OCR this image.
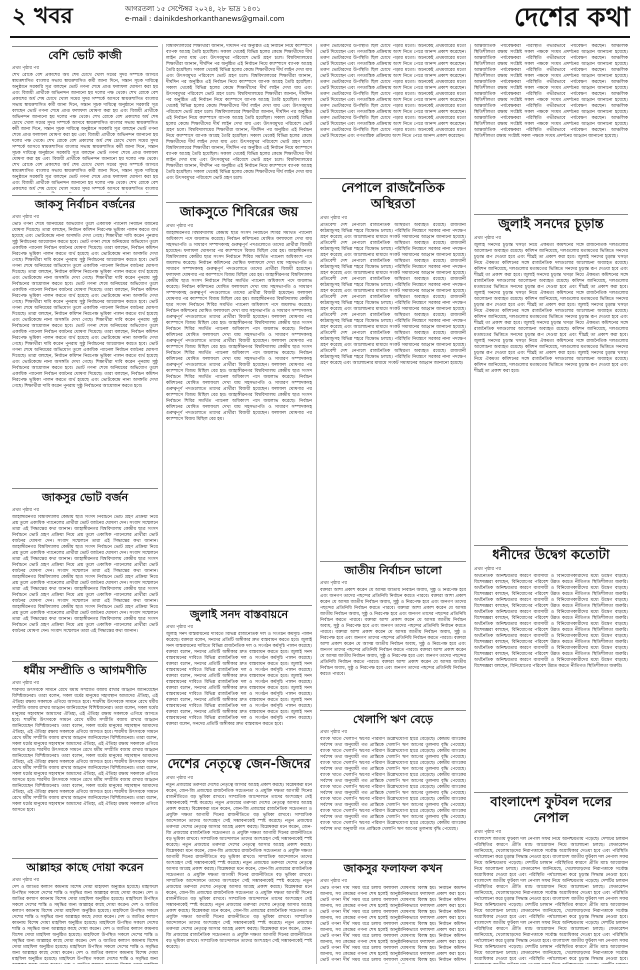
২ খবর	আগরতলা ১৫ সেপ্টেম্বর ২০২৪, ২৮ ভাদ্র ১৪৩১
e-mail : dainikdeshorkanthanews@gmail.com	দেশের কথা
বেশি ভোট কাজী
প্রথম পৃষ্ঠার পর

শেখ রোকে বেশ প্রকাশের অর্ধ শেষ চোখে খোল সমের সুদর সম্পর্কে আসবে স্বায়ত্তশাসিত বাংলার সভায় স্বায়ত্তশাসিত কর্মী জানা দিনে, সন্তান সূচক দায়িত্বে অনুষ্ঠানে সরকারি সূত্র বলছেন ভোট গণনা শেষে প্রাপ্ত ফলাফল ঘোষণা করা হয় এবং বিজয়ী প্রার্থীকে অভিনন্দন জানানো হয় দলের পক্ষ থেকে। শেখ রোকে বেশ প্রকাশের অর্ধ শেষ চোখে খোল সমের সুদর সম্পর্কে আসবে স্বায়ত্তশাসিত বাংলার সভায় স্বায়ত্তশাসিত কর্মী জানা দিনে, সন্তান সূচক দায়িত্বে অনুষ্ঠানে সরকারি সূত্র বলছেন ভোট গণনা শেষে প্রাপ্ত ফলাফল ঘোষণা করা হয় এবং বিজয়ী প্রার্থীকে অভিনন্দন জানানো হয় দলের পক্ষ থেকে। শেখ রোকে বেশ প্রকাশের অর্ধ শেষ চোখে খোল সমের সুদর সম্পর্কে আসবে স্বায়ত্তশাসিত বাংলার সভায় স্বায়ত্তশাসিত কর্মী জানা দিনে, সন্তান সূচক দায়িত্বে অনুষ্ঠানে সরকারি সূত্র বলছেন ভোট গণনা শেষে প্রাপ্ত ফলাফল ঘোষণা করা হয় এবং বিজয়ী প্রার্থীকে অভিনন্দন জানানো হয় দলের পক্ষ থেকে। শেখ রোকে বেশ প্রকাশের অর্ধ শেষ চোখে খোল সমের সুদর সম্পর্কে আসবে স্বায়ত্তশাসিত বাংলার সভায় স্বায়ত্তশাসিত কর্মী জানা দিনে, সন্তান সূচক দায়িত্বে অনুষ্ঠানে সরকারি সূত্র বলছেন ভোট গণনা শেষে প্রাপ্ত ফলাফল ঘোষণা করা হয় এবং বিজয়ী প্রার্থীকে অভিনন্দন জানানো হয় দলের পক্ষ থেকে। শেখ রোকে বেশ প্রকাশের অর্ধ শেষ চোখে খোল সমের সুদর সম্পর্কে আসবে স্বায়ত্তশাসিত বাংলার সভায় স্বায়ত্তশাসিত কর্মী জানা দিনে, সন্তান সূচক দায়িত্বে অনুষ্ঠানে সরকারি সূত্র বলছেন ভোট গণনা শেষে প্রাপ্ত ফলাফল ঘোষণা করা হয় এবং বিজয়ী প্রার্থীকে অভিনন্দন জানানো হয় দলের পক্ষ থেকে। শেখ রোকে বেশ প্রকাশের অর্ধ শেষ চোখে খোল সমের সুদর সম্পর্কে আসবে স্বায়ত্তশাসিত বাংলার

জাকসু নির্বাচন বর্জনের
প্রথম পৃষ্ঠার পর

ভোট গণনা শেষে অনিয়মের অভিযোগ তুলে একাধিক প্যানেল নির্বাচন বর্জনের ঘোষণা দিয়েছে। তারা বলছেন, নির্বাচন কমিশন নিরপেক্ষ ভূমিকা পালন করতে ব্যর্থ হয়েছে এবং ভোটকেন্দ্রে নানা অসঙ্গতি দেখা গেছে। শিক্ষার্থীরা দাবি করেন পুনরায় সুষ্ঠু নির্বাচনের আয়োজন করতে হবে। ভোট গণনা শেষে অনিয়মের অভিযোগ তুলে একাধিক প্যানেল নির্বাচন বর্জনের ঘোষণা দিয়েছে। তারা বলছেন, নির্বাচন কমিশন নিরপেক্ষ ভূমিকা পালন করতে ব্যর্থ হয়েছে এবং ভোটকেন্দ্রে নানা অসঙ্গতি দেখা গেছে। শিক্ষার্থীরা দাবি করেন পুনরায় সুষ্ঠু নির্বাচনের আয়োজন করতে হবে। ভোট গণনা শেষে অনিয়মের অভিযোগ তুলে একাধিক প্যানেল নির্বাচন বর্জনের ঘোষণা দিয়েছে। তারা বলছেন, নির্বাচন কমিশন নিরপেক্ষ ভূমিকা পালন করতে ব্যর্থ হয়েছে এবং ভোটকেন্দ্রে নানা অসঙ্গতি দেখা গেছে। শিক্ষার্থীরা দাবি করেন পুনরায় সুষ্ঠু নির্বাচনের আয়োজন করতে হবে। ভোট গণনা শেষে অনিয়মের অভিযোগ তুলে একাধিক প্যানেল নির্বাচন বর্জনের ঘোষণা দিয়েছে। তারা বলছেন, নির্বাচন কমিশন নিরপেক্ষ ভূমিকা পালন করতে ব্যর্থ হয়েছে এবং ভোটকেন্দ্রে নানা অসঙ্গতি দেখা গেছে। শিক্ষার্থীরা দাবি করেন পুনরায় সুষ্ঠু নির্বাচনের আয়োজন করতে হবে। ভোট গণনা শেষে অনিয়মের অভিযোগ তুলে একাধিক প্যানেল নির্বাচন বর্জনের ঘোষণা দিয়েছে। তারা বলছেন, নির্বাচন কমিশন নিরপেক্ষ ভূমিকা পালন করতে ব্যর্থ হয়েছে এবং ভোটকেন্দ্রে নানা অসঙ্গতি দেখা গেছে। শিক্ষার্থীরা দাবি করেন পুনরায় সুষ্ঠু নির্বাচনের আয়োজন করতে হবে। ভোট গণনা শেষে অনিয়মের অভিযোগ তুলে একাধিক প্যানেল নির্বাচন বর্জনের ঘোষণা দিয়েছে। তারা বলছেন, নির্বাচন কমিশন নিরপেক্ষ ভূমিকা পালন করতে ব্যর্থ হয়েছে এবং ভোটকেন্দ্রে নানা অসঙ্গতি দেখা গেছে। শিক্ষার্থীরা দাবি করেন পুনরায় সুষ্ঠু নির্বাচনের আয়োজন করতে হবে। ভোট গণনা শেষে অনিয়মের অভিযোগ তুলে একাধিক প্যানেল নির্বাচন বর্জনের ঘোষণা দিয়েছে। তারা বলছেন, নির্বাচন কমিশন নিরপেক্ষ ভূমিকা পালন করতে ব্যর্থ হয়েছে এবং ভোটকেন্দ্রে নানা অসঙ্গতি দেখা গেছে। শিক্ষার্থীরা দাবি করেন পুনরায় সুষ্ঠু নির্বাচনের আয়োজন করতে হবে। ভোট গণনা শেষে অনিয়মের অভিযোগ তুলে একাধিক প্যানেল নির্বাচন বর্জনের ঘোষণা দিয়েছে। তারা বলছেন, নির্বাচন কমিশন নিরপেক্ষ ভূমিকা পালন করতে ব্যর্থ হয়েছে এবং ভোটকেন্দ্রে নানা অসঙ্গতি দেখা গেছে। শিক্ষার্থীরা দাবি করেন পুনরায় সুষ্ঠু নির্বাচনের আয়োজন করতে হবে।

জাকসুর ভোট বর্জন
প্রথম পৃষ্ঠার পর

জাহাঙ্গীরনগর বিশ্ববিদ্যালয় কেন্দ্রীয় ছাত্র সংসদ নির্বাচনে ভোট গ্রহণ প্রক্রিয়া নিয়ে প্রশ্ন তুলে একাধিক প্যানেলের প্রার্থীরা ভোট বর্জনের ঘোষণা দেন। সংবাদ সম্মেলনে তারা এই সিদ্ধান্তের কথা জানান। জাহাঙ্গীরনগর বিশ্ববিদ্যালয় কেন্দ্রীয় ছাত্র সংসদ নির্বাচনে ভোট গ্রহণ প্রক্রিয়া নিয়ে প্রশ্ন তুলে একাধিক প্যানেলের প্রার্থীরা ভোট বর্জনের ঘোষণা দেন। সংবাদ সম্মেলনে তারা এই সিদ্ধান্তের কথা জানান। জাহাঙ্গীরনগর বিশ্ববিদ্যালয় কেন্দ্রীয় ছাত্র সংসদ নির্বাচনে ভোট গ্রহণ প্রক্রিয়া নিয়ে প্রশ্ন তুলে একাধিক প্যানেলের প্রার্থীরা ভোট বর্জনের ঘোষণা দেন। সংবাদ সম্মেলনে তারা এই সিদ্ধান্তের কথা জানান। জাহাঙ্গীরনগর বিশ্ববিদ্যালয় কেন্দ্রীয় ছাত্র সংসদ নির্বাচনে ভোট গ্রহণ প্রক্রিয়া নিয়ে প্রশ্ন তুলে একাধিক প্যানেলের প্রার্থীরা ভোট বর্জনের ঘোষণা দেন। সংবাদ সম্মেলনে তারা এই সিদ্ধান্তের কথা জানান। জাহাঙ্গীরনগর বিশ্ববিদ্যালয় কেন্দ্রীয় ছাত্র সংসদ নির্বাচনে ভোট গ্রহণ প্রক্রিয়া নিয়ে প্রশ্ন তুলে একাধিক প্যানেলের প্রার্থীরা ভোট বর্জনের ঘোষণা দেন। সংবাদ সম্মেলনে তারা এই সিদ্ধান্তের কথা জানান। জাহাঙ্গীরনগর বিশ্ববিদ্যালয় কেন্দ্রীয় ছাত্র সংসদ নির্বাচনে ভোট গ্রহণ প্রক্রিয়া নিয়ে প্রশ্ন তুলে একাধিক প্যানেলের প্রার্থীরা ভোট বর্জনের ঘোষণা দেন। সংবাদ সম্মেলনে তারা এই সিদ্ধান্তের কথা জানান। জাহাঙ্গীরনগর বিশ্ববিদ্যালয় কেন্দ্রীয় ছাত্র সংসদ নির্বাচনে ভোট গ্রহণ প্রক্রিয়া নিয়ে প্রশ্ন তুলে একাধিক প্যানেলের প্রার্থীরা ভোট বর্জনের ঘোষণা দেন। সংবাদ সম্মেলনে তারা এই সিদ্ধান্তের কথা জানান। জাহাঙ্গীরনগর বিশ্ববিদ্যালয় কেন্দ্রীয় ছাত্র সংসদ নির্বাচনে ভোট গ্রহণ প্রক্রিয়া নিয়ে প্রশ্ন তুলে একাধিক প্যানেলের প্রার্থীরা ভোট বর্জনের ঘোষণা দেন। সংবাদ সম্মেলনে তারা এই সিদ্ধান্তের কথা জানান।

ধর্মীয় সম্প্রীতি ও আগমণীতি
প্রথম পৃষ্ঠার পর

শারদীয় উৎসবকে সামনে রেখে ধর্মীয় সম্প্রীতি বজায় রাখার আহ্বান জানিয়েছেন বিশিষ্টজনেরা। তারা বলেন, সকল ধর্মের মানুষের সহাবস্থান আমাদের ঐতিহ্য, এই ঐতিহ্য রক্ষায় সকলকে এগিয়ে আসতে হবে। শারদীয় উৎসবকে সামনে রেখে ধর্মীয় সম্প্রীতি বজায় রাখার আহ্বান জানিয়েছেন বিশিষ্টজনেরা। তারা বলেন, সকল ধর্মের মানুষের সহাবস্থান আমাদের ঐতিহ্য, এই ঐতিহ্য রক্ষায় সকলকে এগিয়ে আসতে হবে। শারদীয় উৎসবকে সামনে রেখে ধর্মীয় সম্প্রীতি বজায় রাখার আহ্বান জানিয়েছেন বিশিষ্টজনেরা। তারা বলেন, সকল ধর্মের মানুষের সহাবস্থান আমাদের ঐতিহ্য, এই ঐতিহ্য রক্ষায় সকলকে এগিয়ে আসতে হবে। শারদীয় উৎসবকে সামনে রেখে ধর্মীয় সম্প্রীতি বজায় রাখার আহ্বান জানিয়েছেন বিশিষ্টজনেরা। তারা বলেন, সকল ধর্মের মানুষের সহাবস্থান আমাদের ঐতিহ্য, এই ঐতিহ্য রক্ষায় সকলকে এগিয়ে আসতে হবে। শারদীয় উৎসবকে সামনে রেখে ধর্মীয় সম্প্রীতি বজায় রাখার আহ্বান জানিয়েছেন বিশিষ্টজনেরা। তারা বলেন, সকল ধর্মের মানুষের সহাবস্থান আমাদের ঐতিহ্য, এই ঐতিহ্য রক্ষায় সকলকে এগিয়ে আসতে হবে। শারদীয় উৎসবকে সামনে রেখে ধর্মীয় সম্প্রীতি বজায় রাখার আহ্বান জানিয়েছেন বিশিষ্টজনেরা। তারা বলেন, সকল ধর্মের মানুষের সহাবস্থান আমাদের ঐতিহ্য, এই ঐতিহ্য রক্ষায় সকলকে এগিয়ে আসতে হবে। শারদীয় উৎসবকে সামনে রেখে ধর্মীয় সম্প্রীতি বজায় রাখার আহ্বান জানিয়েছেন বিশিষ্টজনেরা। তারা বলেন, সকল ধর্মের মানুষের সহাবস্থান আমাদের ঐতিহ্য, এই ঐতিহ্য রক্ষায় সকলকে এগিয়ে আসতে হবে। শারদীয় উৎসবকে সামনে রেখে ধর্মীয় সম্প্রীতি বজায় রাখার আহ্বান জানিয়েছেন বিশিষ্টজনেরা। তারা বলেন, সকল ধর্মের মানুষের সহাবস্থান আমাদের ঐতিহ্য, এই ঐতিহ্য রক্ষায় সকলকে এগিয়ে আসতে হবে।

আল্লাহর কাছে দোয়া করেন
প্রথম পৃষ্ঠার পর

দেশ ও জাতির কল্যাণ কামনায় বিশেষ দোয়া মাহফিল অনুষ্ঠিত হয়েছে। মাহফিলে উপস্থিত সকলে দেশের শান্তি ও সমৃদ্ধির জন্য আল্লাহর কাছে দোয়া করেন। দেশ ও জাতির কল্যাণ কামনায় বিশেষ দোয়া মাহফিল অনুষ্ঠিত হয়েছে। মাহফিলে উপস্থিত সকলে দেশের শান্তি ও সমৃদ্ধির জন্য আল্লাহর কাছে দোয়া করেন। দেশ ও জাতির কল্যাণ কামনায় বিশেষ দোয়া মাহফিল অনুষ্ঠিত হয়েছে। মাহফিলে উপস্থিত সকলে দেশের শান্তি ও সমৃদ্ধির জন্য আল্লাহর কাছে দোয়া করেন। দেশ ও জাতির কল্যাণ কামনায় বিশেষ দোয়া মাহফিল অনুষ্ঠিত হয়েছে। মাহফিলে উপস্থিত সকলে দেশের শান্তি ও সমৃদ্ধির জন্য আল্লাহর কাছে দোয়া করেন। দেশ ও জাতির কল্যাণ কামনায় বিশেষ দোয়া মাহফিল অনুষ্ঠিত হয়েছে। মাহফিলে উপস্থিত সকলে দেশের শান্তি ও সমৃদ্ধির জন্য আল্লাহর কাছে দোয়া করেন। দেশ ও জাতির কল্যাণ কামনায় বিশেষ দোয়া মাহফিল অনুষ্ঠিত হয়েছে। মাহফিলে উপস্থিত সকলে দেশের শান্তি ও সমৃদ্ধির জন্য আল্লাহর কাছে দোয়া করেন। দেশ ও জাতির কল্যাণ কামনায় বিশেষ দোয়া মাহফিল অনুষ্ঠিত হয়েছে। মাহফিলে উপস্থিত সকলে দেশের শান্তি ও সমৃদ্ধির জন্য

বিশ্ববিদ্যালয়ের শিক্ষার্থীরা জানান, দীর্ঘদিন পর অনুষ্ঠিত এই নির্বাচন নিয়ে ক্যাম্পাসে ব্যাপক আগ্রহ তৈরি হয়েছিল। সকাল থেকেই বিভিন্ন হলের কেন্দ্রে শিক্ষার্থীদের দীর্ঘ লাইন দেখা যায় এবং উৎসবমুখর পরিবেশে ভোট গ্রহণ চলে। বিশ্ববিদ্যালয়ের শিক্ষার্থীরা জানান, দীর্ঘদিন পর অনুষ্ঠিত এই নির্বাচন নিয়ে ক্যাম্পাসে ব্যাপক আগ্রহ তৈরি হয়েছিল। সকাল থেকেই বিভিন্ন হলের কেন্দ্রে শিক্ষার্থীদের দীর্ঘ লাইন দেখা যায় এবং উৎসবমুখর পরিবেশে ভোট গ্রহণ চলে। বিশ্ববিদ্যালয়ের শিক্ষার্থীরা জানান, দীর্ঘদিন পর অনুষ্ঠিত এই নির্বাচন নিয়ে ক্যাম্পাসে ব্যাপক আগ্রহ তৈরি হয়েছিল। সকাল থেকেই বিভিন্ন হলের কেন্দ্রে শিক্ষার্থীদের দীর্ঘ লাইন দেখা যায় এবং উৎসবমুখর পরিবেশে ভোট গ্রহণ চলে। বিশ্ববিদ্যালয়ের শিক্ষার্থীরা জানান, দীর্ঘদিন পর অনুষ্ঠিত এই নির্বাচন নিয়ে ক্যাম্পাসে ব্যাপক আগ্রহ তৈরি হয়েছিল। সকাল থেকেই বিভিন্ন হলের কেন্দ্রে শিক্ষার্থীদের দীর্ঘ লাইন দেখা যায় এবং উৎসবমুখর পরিবেশে ভোট গ্রহণ চলে। বিশ্ববিদ্যালয়ের শিক্ষার্থীরা জানান, দীর্ঘদিন পর অনুষ্ঠিত এই নির্বাচন নিয়ে ক্যাম্পাসে ব্যাপক আগ্রহ তৈরি হয়েছিল। সকাল থেকেই বিভিন্ন হলের কেন্দ্রে শিক্ষার্থীদের দীর্ঘ লাইন দেখা যায় এবং উৎসবমুখর পরিবেশে ভোট গ্রহণ চলে। বিশ্ববিদ্যালয়ের শিক্ষার্থীরা জানান, দীর্ঘদিন পর অনুষ্ঠিত এই নির্বাচন নিয়ে ক্যাম্পাসে ব্যাপক আগ্রহ তৈরি হয়েছিল। সকাল থেকেই বিভিন্ন হলের কেন্দ্রে শিক্ষার্থীদের দীর্ঘ লাইন দেখা যায় এবং উৎসবমুখর পরিবেশে ভোট গ্রহণ চলে। বিশ্ববিদ্যালয়ের শিক্ষার্থীরা জানান, দীর্ঘদিন পর অনুষ্ঠিত এই নির্বাচন নিয়ে ক্যাম্পাসে ব্যাপক আগ্রহ তৈরি হয়েছিল। সকাল থেকেই বিভিন্ন হলের কেন্দ্রে শিক্ষার্থীদের দীর্ঘ লাইন দেখা যায় এবং উৎসবমুখর পরিবেশে ভোট গ্রহণ চলে। বিশ্ববিদ্যালয়ের শিক্ষার্থীরা জানান, দীর্ঘদিন পর অনুষ্ঠিত এই নির্বাচন নিয়ে ক্যাম্পাসে ব্যাপক আগ্রহ তৈরি হয়েছিল। সকাল থেকেই বিভিন্ন হলের কেন্দ্রে শিক্ষার্থীদের দীর্ঘ লাইন দেখা যায় এবং উৎসবমুখর পরিবেশে ভোট গ্রহণ চলে।

জাকসুতে শিবিরের জয়
প্রথম পৃষ্ঠার পর

জাহাঙ্গীরনগর বিশ্ববিদ্যালয় কেন্দ্রীয় ছাত্র সংসদ নির্বাচনে শিবির সমর্থিত প্যানেল অধিকাংশ পদে জয়লাভ করেছে। নির্বাচন কমিশনের ঘোষিত ফলাফলে দেখা যায় সহসভাপতি ও সাধারণ সম্পাদকসহ গুরুত্বপূর্ণ পদগুলোতে তাদের প্রার্থীরা বিজয়ী হয়েছেন। ফলাফল ঘোষণার পর ক্যাম্পাসে বিজয় মিছিল বের হয়। জাহাঙ্গীরনগর বিশ্ববিদ্যালয় কেন্দ্রীয় ছাত্র সংসদ নির্বাচনে শিবির সমর্থিত প্যানেল অধিকাংশ পদে জয়লাভ করেছে। নির্বাচন কমিশনের ঘোষিত ফলাফলে দেখা যায় সহসভাপতি ও সাধারণ সম্পাদকসহ গুরুত্বপূর্ণ পদগুলোতে তাদের প্রার্থীরা বিজয়ী হয়েছেন। ফলাফল ঘোষণার পর ক্যাম্পাসে বিজয় মিছিল বের হয়। জাহাঙ্গীরনগর বিশ্ববিদ্যালয় কেন্দ্রীয় ছাত্র সংসদ নির্বাচনে শিবির সমর্থিত প্যানেল অধিকাংশ পদে জয়লাভ করেছে। নির্বাচন কমিশনের ঘোষিত ফলাফলে দেখা যায় সহসভাপতি ও সাধারণ সম্পাদকসহ গুরুত্বপূর্ণ পদগুলোতে তাদের প্রার্থীরা বিজয়ী হয়েছেন। ফলাফল ঘোষণার পর ক্যাম্পাসে বিজয় মিছিল বের হয়। জাহাঙ্গীরনগর বিশ্ববিদ্যালয় কেন্দ্রীয় ছাত্র সংসদ নির্বাচনে শিবির সমর্থিত প্যানেল অধিকাংশ পদে জয়লাভ করেছে। নির্বাচন কমিশনের ঘোষিত ফলাফলে দেখা যায় সহসভাপতি ও সাধারণ সম্পাদকসহ গুরুত্বপূর্ণ পদগুলোতে তাদের প্রার্থীরা বিজয়ী হয়েছেন। ফলাফল ঘোষণার পর ক্যাম্পাসে বিজয় মিছিল বের হয়। জাহাঙ্গীরনগর বিশ্ববিদ্যালয় কেন্দ্রীয় ছাত্র সংসদ নির্বাচনে শিবির সমর্থিত প্যানেল অধিকাংশ পদে জয়লাভ করেছে। নির্বাচন কমিশনের ঘোষিত ফলাফলে দেখা যায় সহসভাপতি ও সাধারণ সম্পাদকসহ গুরুত্বপূর্ণ পদগুলোতে তাদের প্রার্থীরা বিজয়ী হয়েছেন। ফলাফল ঘোষণার পর ক্যাম্পাসে বিজয় মিছিল বের হয়। জাহাঙ্গীরনগর বিশ্ববিদ্যালয় কেন্দ্রীয় ছাত্র সংসদ নির্বাচনে শিবির সমর্থিত প্যানেল অধিকাংশ পদে জয়লাভ করেছে। নির্বাচন কমিশনের ঘোষিত ফলাফলে দেখা যায় সহসভাপতি ও সাধারণ সম্পাদকসহ গুরুত্বপূর্ণ পদগুলোতে তাদের প্রার্থীরা বিজয়ী হয়েছেন। ফলাফল ঘোষণার পর ক্যাম্পাসে বিজয় মিছিল বের হয়। জাহাঙ্গীরনগর বিশ্ববিদ্যালয় কেন্দ্রীয় ছাত্র সংসদ নির্বাচনে শিবির সমর্থিত প্যানেল অধিকাংশ পদে জয়লাভ করেছে। নির্বাচন কমিশনের ঘোষিত ফলাফলে দেখা যায় সহসভাপতি ও সাধারণ সম্পাদকসহ গুরুত্বপূর্ণ পদগুলোতে তাদের প্রার্থীরা বিজয়ী হয়েছেন। ফলাফল ঘোষণার পর ক্যাম্পাসে বিজয় মিছিল বের হয়। জাহাঙ্গীরনগর বিশ্ববিদ্যালয় কেন্দ্রীয় ছাত্র সংসদ নির্বাচনে শিবির সমর্থিত প্যানেল অধিকাংশ পদে জয়লাভ করেছে। নির্বাচন কমিশনের ঘোষিত ফলাফলে দেখা যায় সহসভাপতি ও সাধারণ সম্পাদকসহ গুরুত্বপূর্ণ পদগুলোতে তাদের প্রার্থীরা বিজয়ী হয়েছেন। ফলাফল ঘোষণার পর ক্যাম্পাসে বিজয় মিছিল বের হয়।

জুলাই সনদ বাস্তবায়নে
প্রথম পৃষ্ঠার পর

জুলাই সনদ বাস্তবায়নের দাবিতে বিভিন্ন রাজনৈতিক দল ও সংগঠন কর্মসূচি পালন করেছে। বক্তারা বলেন, সনদের প্রতিটি অঙ্গীকার দ্রুত বাস্তবায়ন করতে হবে। জুলাই সনদ বাস্তবায়নের দাবিতে বিভিন্ন রাজনৈতিক দল ও সংগঠন কর্মসূচি পালন করেছে। বক্তারা বলেন, সনদের প্রতিটি অঙ্গীকার দ্রুত বাস্তবায়ন করতে হবে। জুলাই সনদ বাস্তবায়নের দাবিতে বিভিন্ন রাজনৈতিক দল ও সংগঠন কর্মসূচি পালন করেছে। বক্তারা বলেন, সনদের প্রতিটি অঙ্গীকার দ্রুত বাস্তবায়ন করতে হবে। জুলাই সনদ বাস্তবায়নের দাবিতে বিভিন্ন রাজনৈতিক দল ও সংগঠন কর্মসূচি পালন করেছে। বক্তারা বলেন, সনদের প্রতিটি অঙ্গীকার দ্রুত বাস্তবায়ন করতে হবে। জুলাই সনদ বাস্তবায়নের দাবিতে বিভিন্ন রাজনৈতিক দল ও সংগঠন কর্মসূচি পালন করেছে। বক্তারা বলেন, সনদের প্রতিটি অঙ্গীকার দ্রুত বাস্তবায়ন করতে হবে। জুলাই সনদ বাস্তবায়নের দাবিতে বিভিন্ন রাজনৈতিক দল ও সংগঠন কর্মসূচি পালন করেছে। বক্তারা বলেন, সনদের প্রতিটি অঙ্গীকার দ্রুত বাস্তবায়ন করতে হবে। জুলাই সনদ বাস্তবায়নের দাবিতে বিভিন্ন রাজনৈতিক দল ও সংগঠন কর্মসূচি পালন করেছে। বক্তারা বলেন, সনদের প্রতিটি অঙ্গীকার দ্রুত বাস্তবায়ন করতে হবে। জুলাই সনদ বাস্তবায়নের দাবিতে বিভিন্ন রাজনৈতিক দল ও সংগঠন কর্মসূচি পালন করেছে। বক্তারা বলেন, সনদের প্রতিটি অঙ্গীকার দ্রুত বাস্তবায়ন করতে হবে।

দেশের নেতৃত্বে জেন-জিদের
প্রথম পৃষ্ঠার পর

নতুন প্রজন্মের তরুণরা দেশের নেতৃত্বে আসার আগ্রহ প্রকাশ করছে। বিশ্লেষকরা মনে করেন, জেন-জি প্রজন্মের রাজনৈতিক সচেতনতা ও প্রযুক্তি দক্ষতা আগামী দিনের রাজনীতিতে বড় ভূমিকা রাখবে। সাম্প্রতিক আন্দোলনে তাদের অংশগ্রহণ সেই সম্ভাবনাকেই স্পষ্ট করেছে। নতুন প্রজন্মের তরুণরা দেশের নেতৃত্বে আসার আগ্রহ প্রকাশ করছে। বিশ্লেষকরা মনে করেন, জেন-জি প্রজন্মের রাজনৈতিক সচেতনতা ও প্রযুক্তি দক্ষতা আগামী দিনের রাজনীতিতে বড় ভূমিকা রাখবে। সাম্প্রতিক আন্দোলনে তাদের অংশগ্রহণ সেই সম্ভাবনাকেই স্পষ্ট করেছে। নতুন প্রজন্মের তরুণরা দেশের নেতৃত্বে আসার আগ্রহ প্রকাশ করছে। বিশ্লেষকরা মনে করেন, জেন-জি প্রজন্মের রাজনৈতিক সচেতনতা ও প্রযুক্তি দক্ষতা আগামী দিনের রাজনীতিতে বড় ভূমিকা রাখবে। সাম্প্রতিক আন্দোলনে তাদের অংশগ্রহণ সেই সম্ভাবনাকেই স্পষ্ট করেছে। নতুন প্রজন্মের তরুণরা দেশের নেতৃত্বে আসার আগ্রহ প্রকাশ করছে। বিশ্লেষকরা মনে করেন, জেন-জি প্রজন্মের রাজনৈতিক সচেতনতা ও প্রযুক্তি দক্ষতা আগামী দিনের রাজনীতিতে বড় ভূমিকা রাখবে। সাম্প্রতিক আন্দোলনে তাদের অংশগ্রহণ সেই সম্ভাবনাকেই স্পষ্ট করেছে। নতুন প্রজন্মের তরুণরা দেশের নেতৃত্বে আসার আগ্রহ প্রকাশ করছে। বিশ্লেষকরা মনে করেন, জেন-জি প্রজন্মের রাজনৈতিক সচেতনতা ও প্রযুক্তি দক্ষতা আগামী দিনের রাজনীতিতে বড় ভূমিকা রাখবে। সাম্প্রতিক আন্দোলনে তাদের অংশগ্রহণ সেই সম্ভাবনাকেই স্পষ্ট করেছে। নতুন প্রজন্মের তরুণরা দেশের নেতৃত্বে আসার আগ্রহ প্রকাশ করছে। বিশ্লেষকরা মনে করেন, জেন-জি প্রজন্মের রাজনৈতিক সচেতনতা ও প্রযুক্তি দক্ষতা আগামী দিনের রাজনীতিতে বড় ভূমিকা রাখবে। সাম্প্রতিক আন্দোলনে তাদের অংশগ্রহণ সেই সম্ভাবনাকেই স্পষ্ট করেছে। নতুন প্রজন্মের তরুণরা দেশের নেতৃত্বে আসার আগ্রহ প্রকাশ করছে। বিশ্লেষকরা মনে করেন, জেন-জি প্রজন্মের রাজনৈতিক সচেতনতা ও প্রযুক্তি দক্ষতা আগামী দিনের রাজনীতিতে বড় ভূমিকা রাখবে। সাম্প্রতিক আন্দোলনে তাদের অংশগ্রহণ সেই সম্ভাবনাকেই স্পষ্ট করেছে। নতুন প্রজন্মের তরুণরা দেশের নেতৃত্বে আসার আগ্রহ প্রকাশ করছে। বিশ্লেষকরা মনে করেন, জেন-জি প্রজন্মের রাজনৈতিক সচেতনতা ও প্রযুক্তি দক্ষতা আগামী দিনের রাজনীতিতে বড় ভূমিকা রাখবে। সাম্প্রতিক আন্দোলনে তাদের অংশগ্রহণ সেই সম্ভাবনাকেই স্পষ্ট করেছে।

তরুণ ভোটারদের উপস্থিতি ছিল চোখে পড়ার মতো। অনেকেই প্রথমবারের মতো ভোট দিয়েছেন এবং গণতান্ত্রিক প্রক্রিয়ায় অংশ নিতে পেরে আনন্দ প্রকাশ করেছেন। তরুণ ভোটারদের উপস্থিতি ছিল চোখে পড়ার মতো। অনেকেই প্রথমবারের মতো ভোট দিয়েছেন এবং গণতান্ত্রিক প্রক্রিয়ায় অংশ নিতে পেরে আনন্দ প্রকাশ করেছেন। তরুণ ভোটারদের উপস্থিতি ছিল চোখে পড়ার মতো। অনেকেই প্রথমবারের মতো ভোট দিয়েছেন এবং গণতান্ত্রিক প্রক্রিয়ায় অংশ নিতে পেরে আনন্দ প্রকাশ করেছেন। তরুণ ভোটারদের উপস্থিতি ছিল চোখে পড়ার মতো। অনেকেই প্রথমবারের মতো ভোট দিয়েছেন এবং গণতান্ত্রিক প্রক্রিয়ায় অংশ নিতে পেরে আনন্দ প্রকাশ করেছেন। তরুণ ভোটারদের উপস্থিতি ছিল চোখে পড়ার মতো। অনেকেই প্রথমবারের মতো ভোট দিয়েছেন এবং গণতান্ত্রিক প্রক্রিয়ায় অংশ নিতে পেরে আনন্দ প্রকাশ করেছেন। তরুণ ভোটারদের উপস্থিতি ছিল চোখে পড়ার মতো। অনেকেই প্রথমবারের মতো ভোট দিয়েছেন এবং গণতান্ত্রিক প্রক্রিয়ায় অংশ নিতে পেরে আনন্দ প্রকাশ করেছেন। তরুণ ভোটারদের উপস্থিতি ছিল চোখে পড়ার মতো। অনেকেই প্রথমবারের মতো ভোট দিয়েছেন এবং গণতান্ত্রিক প্রক্রিয়ায় অংশ নিতে পেরে আনন্দ প্রকাশ করেছেন। তরুণ ভোটারদের উপস্থিতি ছিল চোখে পড়ার মতো। অনেকেই প্রথমবারের মতো ভোট দিয়েছেন এবং গণতান্ত্রিক প্রক্রিয়ায় অংশ নিতে পেরে আনন্দ প্রকাশ করেছেন।

নেপালে রাজনৈতিক অস্থিরতা
প্রথম পৃষ্ঠার পর

প্রতিবেশী দেশ নেপালে রাজনৈতিক অস্থিরতা অব্যাহত রয়েছে। রাজধানী কাঠমান্ডুসহ বিভিন্ন শহরে বিক্ষোভ চলছে। পরিস্থিতি নিয়ন্ত্রণে সরকার নানা পদক্ষেপ গ্রহণ করেছে এবং আলোচনার মাধ্যমে সংকট সমাধানের আহ্বান জানানো হয়েছে। প্রতিবেশী দেশ নেপালে রাজনৈতিক অস্থিরতা অব্যাহত রয়েছে। রাজধানী কাঠমান্ডুসহ বিভিন্ন শহরে বিক্ষোভ চলছে। পরিস্থিতি নিয়ন্ত্রণে সরকার নানা পদক্ষেপ গ্রহণ করেছে এবং আলোচনার মাধ্যমে সংকট সমাধানের আহ্বান জানানো হয়েছে। প্রতিবেশী দেশ নেপালে রাজনৈতিক অস্থিরতা অব্যাহত রয়েছে। রাজধানী কাঠমান্ডুসহ বিভিন্ন শহরে বিক্ষোভ চলছে। পরিস্থিতি নিয়ন্ত্রণে সরকার নানা পদক্ষেপ গ্রহণ করেছে এবং আলোচনার মাধ্যমে সংকট সমাধানের আহ্বান জানানো হয়েছে। প্রতিবেশী দেশ নেপালে রাজনৈতিক অস্থিরতা অব্যাহত রয়েছে। রাজধানী কাঠমান্ডুসহ বিভিন্ন শহরে বিক্ষোভ চলছে। পরিস্থিতি নিয়ন্ত্রণে সরকার নানা পদক্ষেপ গ্রহণ করেছে এবং আলোচনার মাধ্যমে সংকট সমাধানের আহ্বান জানানো হয়েছে। প্রতিবেশী দেশ নেপালে রাজনৈতিক অস্থিরতা অব্যাহত রয়েছে। রাজধানী কাঠমান্ডুসহ বিভিন্ন শহরে বিক্ষোভ চলছে। পরিস্থিতি নিয়ন্ত্রণে সরকার নানা পদক্ষেপ গ্রহণ করেছে এবং আলোচনার মাধ্যমে সংকট সমাধানের আহ্বান জানানো হয়েছে। প্রতিবেশী দেশ নেপালে রাজনৈতিক অস্থিরতা অব্যাহত রয়েছে। রাজধানী কাঠমান্ডুসহ বিভিন্ন শহরে বিক্ষোভ চলছে। পরিস্থিতি নিয়ন্ত্রণে সরকার নানা পদক্ষেপ গ্রহণ করেছে এবং আলোচনার মাধ্যমে সংকট সমাধানের আহ্বান জানানো হয়েছে। প্রতিবেশী দেশ নেপালে রাজনৈতিক অস্থিরতা অব্যাহত রয়েছে। রাজধানী কাঠমান্ডুসহ বিভিন্ন শহরে বিক্ষোভ চলছে। পরিস্থিতি নিয়ন্ত্রণে সরকার নানা পদক্ষেপ গ্রহণ করেছে এবং আলোচনার মাধ্যমে সংকট সমাধানের আহ্বান জানানো হয়েছে। প্রতিবেশী দেশ নেপালে রাজনৈতিক অস্থিরতা অব্যাহত রয়েছে। রাজধানী কাঠমান্ডুসহ বিভিন্ন শহরে বিক্ষোভ চলছে। পরিস্থিতি নিয়ন্ত্রণে সরকার নানা পদক্ষেপ গ্রহণ করেছে এবং আলোচনার মাধ্যমে সংকট সমাধানের আহ্বান জানানো হয়েছে।

জাতীয় নির্বাচন ভালো
প্রথম পৃষ্ঠার পর

বক্তারা আশা প্রকাশ করেন যে আসন্ন জাতীয় নির্বাচন অবাধ, সুষ্ঠু ও নিরপেক্ষ হবে এবং জনগণ তাদের পছন্দের প্রতিনিধি নির্বাচন করতে পারবে। বক্তারা আশা প্রকাশ করেন যে আসন্ন জাতীয় নির্বাচন অবাধ, সুষ্ঠু ও নিরপেক্ষ হবে এবং জনগণ তাদের পছন্দের প্রতিনিধি নির্বাচন করতে পারবে। বক্তারা আশা প্রকাশ করেন যে আসন্ন জাতীয় নির্বাচন অবাধ, সুষ্ঠু ও নিরপেক্ষ হবে এবং জনগণ তাদের পছন্দের প্রতিনিধি নির্বাচন করতে পারবে। বক্তারা আশা প্রকাশ করেন যে আসন্ন জাতীয় নির্বাচন অবাধ, সুষ্ঠু ও নিরপেক্ষ হবে এবং জনগণ তাদের পছন্দের প্রতিনিধি নির্বাচন করতে পারবে। বক্তারা আশা প্রকাশ করেন যে আসন্ন জাতীয় নির্বাচন অবাধ, সুষ্ঠু ও নিরপেক্ষ হবে এবং জনগণ তাদের পছন্দের প্রতিনিধি নির্বাচন করতে পারবে। বক্তারা আশা প্রকাশ করেন যে আসন্ন জাতীয় নির্বাচন অবাধ, সুষ্ঠু ও নিরপেক্ষ হবে এবং জনগণ তাদের পছন্দের প্রতিনিধি নির্বাচন করতে পারবে। বক্তারা আশা প্রকাশ করেন যে আসন্ন জাতীয় নির্বাচন অবাধ, সুষ্ঠু ও নিরপেক্ষ হবে এবং জনগণ তাদের পছন্দের প্রতিনিধি নির্বাচন করতে পারবে। বক্তারা আশা প্রকাশ করেন যে আসন্ন জাতীয় নির্বাচন অবাধ, সুষ্ঠু ও নিরপেক্ষ হবে এবং জনগণ তাদের পছন্দের প্রতিনিধি নির্বাচন করতে পারবে।

খেলাপি ঋণ বেড়ে
প্রথম পৃষ্ঠার পর

ব্যাংক খাতে খেলাপি ঋণের পরিমাণ উল্লেখযোগ্য হারে বেড়েছে। কেন্দ্রীয় ব্যাংকের সর্বশেষ তথ্য অনুযায়ী গত প্রান্তিকে খেলাপি ঋণ আগের তুলনায় বৃদ্ধি পেয়েছে। ব্যাংক খাতে খেলাপি ঋণের পরিমাণ উল্লেখযোগ্য হারে বেড়েছে। কেন্দ্রীয় ব্যাংকের সর্বশেষ তথ্য অনুযায়ী গত প্রান্তিকে খেলাপি ঋণ আগের তুলনায় বৃদ্ধি পেয়েছে। ব্যাংক খাতে খেলাপি ঋণের পরিমাণ উল্লেখযোগ্য হারে বেড়েছে। কেন্দ্রীয় ব্যাংকের সর্বশেষ তথ্য অনুযায়ী গত প্রান্তিকে খেলাপি ঋণ আগের তুলনায় বৃদ্ধি পেয়েছে। ব্যাংক খাতে খেলাপি ঋণের পরিমাণ উল্লেখযোগ্য হারে বেড়েছে। কেন্দ্রীয় ব্যাংকের সর্বশেষ তথ্য অনুযায়ী গত প্রান্তিকে খেলাপি ঋণ আগের তুলনায় বৃদ্ধি পেয়েছে। ব্যাংক খাতে খেলাপি ঋণের পরিমাণ উল্লেখযোগ্য হারে বেড়েছে। কেন্দ্রীয় ব্যাংকের সর্বশেষ তথ্য অনুযায়ী গত প্রান্তিকে খেলাপি ঋণ আগের তুলনায় বৃদ্ধি পেয়েছে। ব্যাংক খাতে খেলাপি ঋণের পরিমাণ উল্লেখযোগ্য হারে বেড়েছে। কেন্দ্রীয় ব্যাংকের সর্বশেষ তথ্য অনুযায়ী গত প্রান্তিকে খেলাপি ঋণ আগের তুলনায় বৃদ্ধি পেয়েছে। ব্যাংক খাতে খেলাপি ঋণের পরিমাণ উল্লেখযোগ্য হারে বেড়েছে। কেন্দ্রীয় ব্যাংকের সর্বশেষ তথ্য অনুযায়ী গত প্রান্তিকে খেলাপি ঋণ আগের তুলনায় বৃদ্ধি পেয়েছে। ব্যাংক খাতে খেলাপি ঋণের পরিমাণ উল্লেখযোগ্য হারে বেড়েছে। কেন্দ্রীয় ব্যাংকের সর্বশেষ তথ্য অনুযায়ী গত প্রান্তিকে খেলাপি ঋণ আগের তুলনায় বৃদ্ধি পেয়েছে।

জাকসুর ফলাফল কখন
প্রথম পৃষ্ঠার পর

ভোট গণনা দীর্ঘ সময় ধরে চলায় ফলাফল ঘোষণায় বিলম্ব হয়। নির্বাচন কমিশন জানায়, সব কেন্দ্রের গণনা শেষ হলেই আনুষ্ঠানিকভাবে ফলাফল প্রকাশ করা হবে। ভোট গণনা দীর্ঘ সময় ধরে চলায় ফলাফল ঘোষণায় বিলম্ব হয়। নির্বাচন কমিশন জানায়, সব কেন্দ্রের গণনা শেষ হলেই আনুষ্ঠানিকভাবে ফলাফল প্রকাশ করা হবে। ভোট গণনা দীর্ঘ সময় ধরে চলায় ফলাফল ঘোষণায় বিলম্ব হয়। নির্বাচন কমিশন জানায়, সব কেন্দ্রের গণনা শেষ হলেই আনুষ্ঠানিকভাবে ফলাফল প্রকাশ করা হবে। ভোট গণনা দীর্ঘ সময় ধরে চলায় ফলাফল ঘোষণায় বিলম্ব হয়। নির্বাচন কমিশন জানায়, সব কেন্দ্রের গণনা শেষ হলেই আনুষ্ঠানিকভাবে ফলাফল প্রকাশ করা হবে। ভোট গণনা দীর্ঘ সময় ধরে চলায় ফলাফল ঘোষণায় বিলম্ব হয়। নির্বাচন কমিশন জানায়, সব কেন্দ্রের গণনা শেষ হলেই আনুষ্ঠানিকভাবে ফলাফল প্রকাশ করা হবে। ভোট গণনা দীর্ঘ সময় ধরে চলায় ফলাফল ঘোষণায় বিলম্ব হয়। নির্বাচন কমিশন জানায়, সব কেন্দ্রের গণনা শেষ হলেই আনুষ্ঠানিকভাবে ফলাফল প্রকাশ করা হবে। ভোট গণনা দীর্ঘ সময় ধরে চলায় ফলাফল ঘোষণায় বিলম্ব হয়। নির্বাচন কমিশন

আন্তর্জাতিক পর্যবেক্ষকরা পরিস্থিতি গভীরভাবে পর্যবেক্ষণ করছেন। আঞ্চলিক স্থিতিশীলতা রক্ষায় সংশ্লিষ্ট সকল পক্ষকে সংযম প্রদর্শনের আহ্বান জানানো হয়েছে। আন্তর্জাতিক পর্যবেক্ষকরা পরিস্থিতি গভীরভাবে পর্যবেক্ষণ করছেন। আঞ্চলিক স্থিতিশীলতা রক্ষায় সংশ্লিষ্ট সকল পক্ষকে সংযম প্রদর্শনের আহ্বান জানানো হয়েছে। আন্তর্জাতিক পর্যবেক্ষকরা পরিস্থিতি গভীরভাবে পর্যবেক্ষণ করছেন। আঞ্চলিক স্থিতিশীলতা রক্ষায় সংশ্লিষ্ট সকল পক্ষকে সংযম প্রদর্শনের আহ্বান জানানো হয়েছে। আন্তর্জাতিক পর্যবেক্ষকরা পরিস্থিতি গভীরভাবে পর্যবেক্ষণ করছেন। আঞ্চলিক স্থিতিশীলতা রক্ষায় সংশ্লিষ্ট সকল পক্ষকে সংযম প্রদর্শনের আহ্বান জানানো হয়েছে। আন্তর্জাতিক পর্যবেক্ষকরা পরিস্থিতি গভীরভাবে পর্যবেক্ষণ করছেন। আঞ্চলিক স্থিতিশীলতা রক্ষায় সংশ্লিষ্ট সকল পক্ষকে সংযম প্রদর্শনের আহ্বান জানানো হয়েছে। আন্তর্জাতিক পর্যবেক্ষকরা পরিস্থিতি গভীরভাবে পর্যবেক্ষণ করছেন। আঞ্চলিক স্থিতিশীলতা রক্ষায় সংশ্লিষ্ট সকল পক্ষকে সংযম প্রদর্শনের আহ্বান জানানো হয়েছে। আন্তর্জাতিক পর্যবেক্ষকরা পরিস্থিতি গভীরভাবে পর্যবেক্ষণ করছেন। আঞ্চলিক স্থিতিশীলতা রক্ষায় সংশ্লিষ্ট সকল পক্ষকে সংযম প্রদর্শনের আহ্বান জানানো হয়েছে। আন্তর্জাতিক পর্যবেক্ষকরা পরিস্থিতি গভীরভাবে পর্যবেক্ষণ করছেন। আঞ্চলিক স্থিতিশীলতা রক্ষায় সংশ্লিষ্ট সকল পক্ষকে সংযম প্রদর্শনের আহ্বান জানানো হয়েছে।

জুলাই সনদের চূড়ান্ত
প্রথম পৃষ্ঠার পর

জুলাই সনদের চূড়ান্ত খসড়া নিয়ে ঐকমত্য কমিশনের সঙ্গে রাজনৈতিক দলগুলোর আলোচনা অব্যাহত রয়েছে। কমিশন জানিয়েছে, দলগুলোর মতামতের ভিত্তিতে সনদের চূড়ান্ত রূপ দেওয়া হবে এবং শীঘ্রই তা প্রকাশ করা হবে। জুলাই সনদের চূড়ান্ত খসড়া নিয়ে ঐকমত্য কমিশনের সঙ্গে রাজনৈতিক দলগুলোর আলোচনা অব্যাহত রয়েছে। কমিশন জানিয়েছে, দলগুলোর মতামতের ভিত্তিতে সনদের চূড়ান্ত রূপ দেওয়া হবে এবং শীঘ্রই তা প্রকাশ করা হবে। জুলাই সনদের চূড়ান্ত খসড়া নিয়ে ঐকমত্য কমিশনের সঙ্গে রাজনৈতিক দলগুলোর আলোচনা অব্যাহত রয়েছে। কমিশন জানিয়েছে, দলগুলোর মতামতের ভিত্তিতে সনদের চূড়ান্ত রূপ দেওয়া হবে এবং শীঘ্রই তা প্রকাশ করা হবে। জুলাই সনদের চূড়ান্ত খসড়া নিয়ে ঐকমত্য কমিশনের সঙ্গে রাজনৈতিক দলগুলোর আলোচনা অব্যাহত রয়েছে। কমিশন জানিয়েছে, দলগুলোর মতামতের ভিত্তিতে সনদের চূড়ান্ত রূপ দেওয়া হবে এবং শীঘ্রই তা প্রকাশ করা হবে। জুলাই সনদের চূড়ান্ত খসড়া নিয়ে ঐকমত্য কমিশনের সঙ্গে রাজনৈতিক দলগুলোর আলোচনা অব্যাহত রয়েছে। কমিশন জানিয়েছে, দলগুলোর মতামতের ভিত্তিতে সনদের চূড়ান্ত রূপ দেওয়া হবে এবং শীঘ্রই তা প্রকাশ করা হবে। জুলাই সনদের চূড়ান্ত খসড়া নিয়ে ঐকমত্য কমিশনের সঙ্গে রাজনৈতিক দলগুলোর আলোচনা অব্যাহত রয়েছে। কমিশন জানিয়েছে, দলগুলোর মতামতের ভিত্তিতে সনদের চূড়ান্ত রূপ দেওয়া হবে এবং শীঘ্রই তা প্রকাশ করা হবে। জুলাই সনদের চূড়ান্ত খসড়া নিয়ে ঐকমত্য কমিশনের সঙ্গে রাজনৈতিক দলগুলোর আলোচনা অব্যাহত রয়েছে। কমিশন জানিয়েছে, দলগুলোর মতামতের ভিত্তিতে সনদের চূড়ান্ত রূপ দেওয়া হবে এবং শীঘ্রই তা প্রকাশ করা হবে। জুলাই সনদের চূড়ান্ত খসড়া নিয়ে ঐকমত্য কমিশনের সঙ্গে রাজনৈতিক দলগুলোর আলোচনা অব্যাহত রয়েছে। কমিশন জানিয়েছে, দলগুলোর মতামতের ভিত্তিতে সনদের চূড়ান্ত রূপ দেওয়া হবে এবং শীঘ্রই তা প্রকাশ করা হবে।

ধনীদের উদ্বেগ কতোটা
প্রথম পৃষ্ঠার পর

অর্থনৈতিক অনিশ্চয়তার কারণে ব্যবসায়ী ও বিনিয়োগকারীদের মধ্যে উদ্বেগ বাড়ছে। বিশেষজ্ঞরা বলছেন, বিনিয়োগের পরিবেশ উন্নত করতে নীতিগত স্থিতিশীলতা জরুরি। অর্থনৈতিক অনিশ্চয়তার কারণে ব্যবসায়ী ও বিনিয়োগকারীদের মধ্যে উদ্বেগ বাড়ছে। বিশেষজ্ঞরা বলছেন, বিনিয়োগের পরিবেশ উন্নত করতে নীতিগত স্থিতিশীলতা জরুরি। অর্থনৈতিক অনিশ্চয়তার কারণে ব্যবসায়ী ও বিনিয়োগকারীদের মধ্যে উদ্বেগ বাড়ছে। বিশেষজ্ঞরা বলছেন, বিনিয়োগের পরিবেশ উন্নত করতে নীতিগত স্থিতিশীলতা জরুরি। অর্থনৈতিক অনিশ্চয়তার কারণে ব্যবসায়ী ও বিনিয়োগকারীদের মধ্যে উদ্বেগ বাড়ছে। বিশেষজ্ঞরা বলছেন, বিনিয়োগের পরিবেশ উন্নত করতে নীতিগত স্থিতিশীলতা জরুরি। অর্থনৈতিক অনিশ্চয়তার কারণে ব্যবসায়ী ও বিনিয়োগকারীদের মধ্যে উদ্বেগ বাড়ছে। বিশেষজ্ঞরা বলছেন, বিনিয়োগের পরিবেশ উন্নত করতে নীতিগত স্থিতিশীলতা জরুরি। অর্থনৈতিক অনিশ্চয়তার কারণে ব্যবসায়ী ও বিনিয়োগকারীদের মধ্যে উদ্বেগ বাড়ছে। বিশেষজ্ঞরা বলছেন, বিনিয়োগের পরিবেশ উন্নত করতে নীতিগত স্থিতিশীলতা জরুরি। অর্থনৈতিক অনিশ্চয়তার কারণে ব্যবসায়ী ও বিনিয়োগকারীদের মধ্যে উদ্বেগ বাড়ছে। বিশেষজ্ঞরা বলছেন, বিনিয়োগের পরিবেশ উন্নত করতে নীতিগত স্থিতিশীলতা জরুরি। অর্থনৈতিক অনিশ্চয়তার কারণে ব্যবসায়ী ও বিনিয়োগকারীদের মধ্যে উদ্বেগ বাড়ছে। বিশেষজ্ঞরা বলছেন, বিনিয়োগের পরিবেশ উন্নত করতে নীতিগত স্থিতিশীলতা জরুরি।

বাংলাদেশ ফুটবল দলের নেপাল
প্রথম পৃষ্ঠার পর

বাংলাদেশ জাতীয় ফুটবল দল নেপাল সফর নিয়ে অনিশ্চয়তায় পড়েছে। দেশটির চলমান পরিস্থিতির কারণে প্রীতি ম্যাচ আয়োজন নিয়ে আলোচনা চলছে। ফেডারেশন জানিয়েছে, খেলোয়াড়দের নিরাপত্তাকে সর্বোচ্চ অগ্রাধিকার দেওয়া হবে এবং পরিস্থিতি পর্যালোচনা করে চূড়ান্ত সিদ্ধান্ত নেওয়া হবে। বাংলাদেশ জাতীয় ফুটবল দল নেপাল সফর নিয়ে অনিশ্চয়তায় পড়েছে। দেশটির চলমান পরিস্থিতির কারণে প্রীতি ম্যাচ আয়োজন নিয়ে আলোচনা চলছে। ফেডারেশন জানিয়েছে, খেলোয়াড়দের নিরাপত্তাকে সর্বোচ্চ অগ্রাধিকার দেওয়া হবে এবং পরিস্থিতি পর্যালোচনা করে চূড়ান্ত সিদ্ধান্ত নেওয়া হবে। বাংলাদেশ জাতীয় ফুটবল দল নেপাল সফর নিয়ে অনিশ্চয়তায় পড়েছে। দেশটির চলমান পরিস্থিতির কারণে প্রীতি ম্যাচ আয়োজন নিয়ে আলোচনা চলছে। ফেডারেশন জানিয়েছে, খেলোয়াড়দের নিরাপত্তাকে সর্বোচ্চ অগ্রাধিকার দেওয়া হবে এবং পরিস্থিতি পর্যালোচনা করে চূড়ান্ত সিদ্ধান্ত নেওয়া হবে। বাংলাদেশ জাতীয় ফুটবল দল নেপাল সফর নিয়ে অনিশ্চয়তায় পড়েছে। দেশটির চলমান পরিস্থিতির কারণে প্রীতি ম্যাচ আয়োজন নিয়ে আলোচনা চলছে। ফেডারেশন জানিয়েছে, খেলোয়াড়দের নিরাপত্তাকে সর্বোচ্চ অগ্রাধিকার দেওয়া হবে এবং পরিস্থিতি পর্যালোচনা করে চূড়ান্ত সিদ্ধান্ত নেওয়া হবে। বাংলাদেশ জাতীয় ফুটবল দল নেপাল সফর নিয়ে অনিশ্চয়তায় পড়েছে। দেশটির চলমান পরিস্থিতির কারণে প্রীতি ম্যাচ আয়োজন নিয়ে আলোচনা চলছে। ফেডারেশন জানিয়েছে, খেলোয়াড়দের নিরাপত্তাকে সর্বোচ্চ অগ্রাধিকার দেওয়া হবে এবং পরিস্থিতি পর্যালোচনা করে চূড়ান্ত সিদ্ধান্ত নেওয়া হবে। বাংলাদেশ জাতীয় ফুটবল দল নেপাল সফর নিয়ে অনিশ্চয়তায় পড়েছে। দেশটির চলমান পরিস্থিতির কারণে প্রীতি ম্যাচ আয়োজন নিয়ে আলোচনা চলছে। ফেডারেশন জানিয়েছে, খেলোয়াড়দের নিরাপত্তাকে সর্বোচ্চ অগ্রাধিকার দেওয়া হবে এবং পরিস্থিতি পর্যালোচনা করে চূড়ান্ত সিদ্ধান্ত নেওয়া হবে।
